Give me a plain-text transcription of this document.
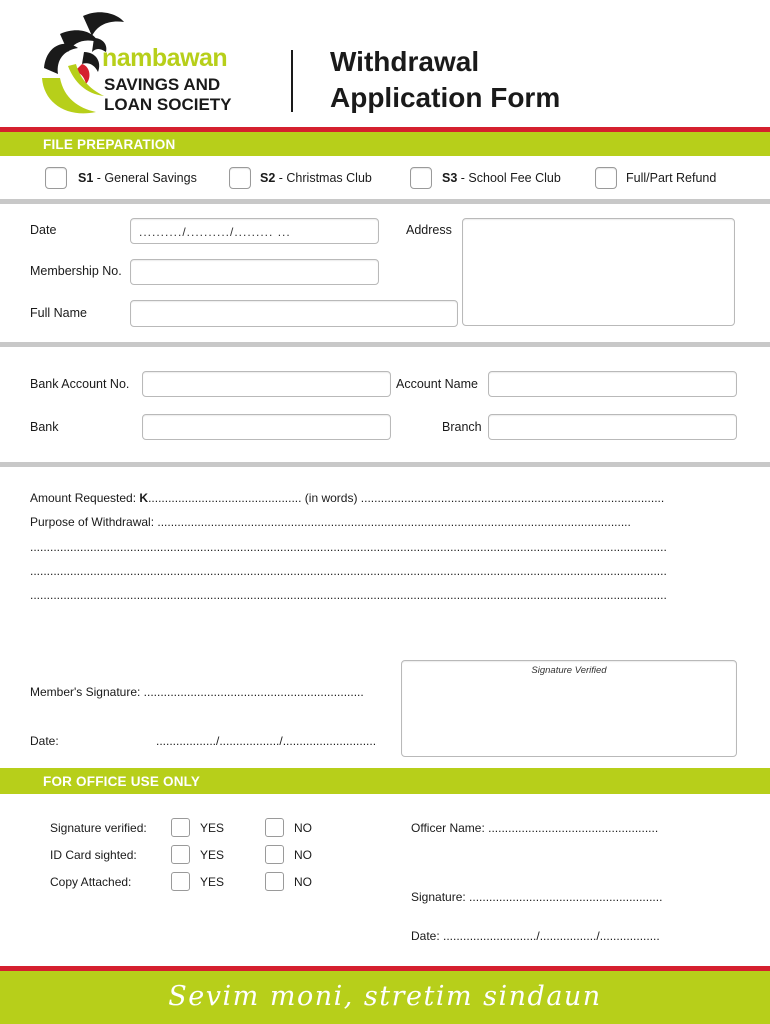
nambawan
SAVINGS AND
LOAN SOCIETY
Withdrawal
Application Form
FILE PREPARATION
S1 - General Savings	S2 - Christmas Club	S3 - School Fee Club	Full/Part Refund
Date	........../........../......... ...	Address
Membership No.
Full Name
Bank Account No.	Account Name
Bank	Branch
Amount Requested: K.............................................. (in words) ...........................................................................................
Purpose of Withdrawal: ..............................................................................................................................................
...............................................................................................................................................................................................
...............................................................................................................................................................................................
...............................................................................................................................................................................................
Member's Signature: ..................................................................
Date:	................../................../............................
Signature Verified
FOR OFFICE USE ONLY
Signature verified:	YES	NO
ID Card sighted:	YES	NO
Copy Attached:	YES	NO
Officer Name: ...................................................
Signature: ..........................................................
Date: ............................/................./..................
Sevim moni, stretim sindaun
